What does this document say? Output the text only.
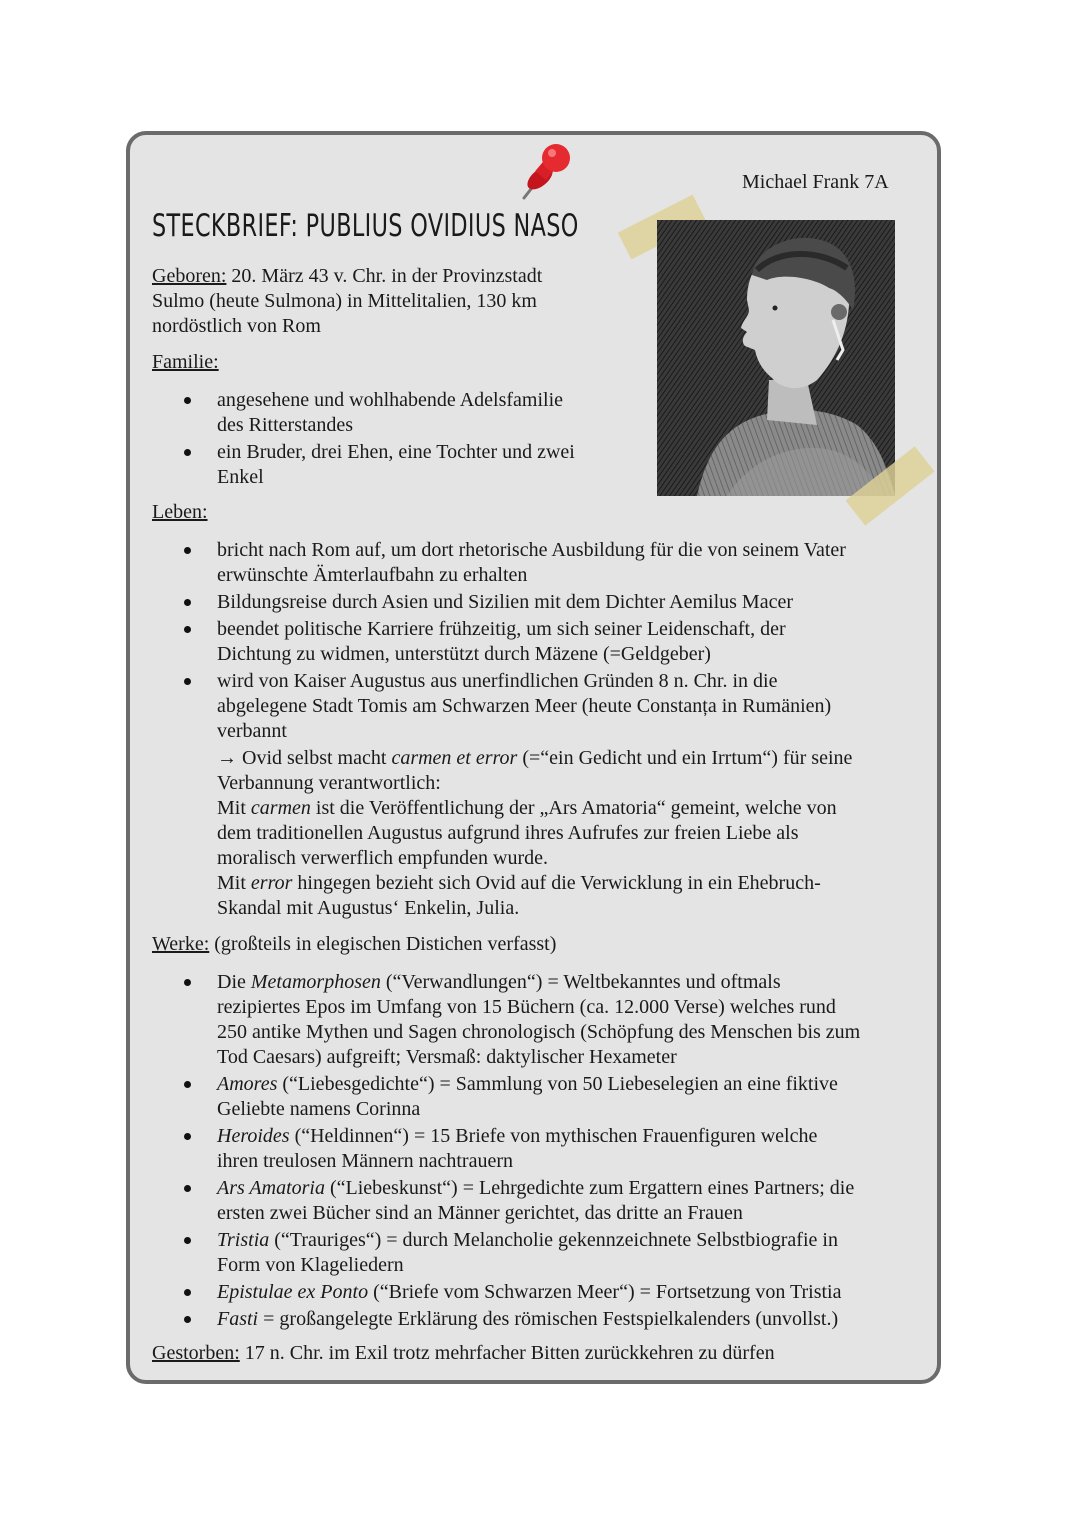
Michael Frank 7A
STECKBRIEF: PUBLIUS OVIDIUS NASO
Geboren: 20. März 43 v. Chr. in der Provinzstadt
Sulmo (heute Sulmona) in Mittelitalien, 130 km
nordöstlich von Rom
Familie:
angesehene und wohlhabende Adelsfamilie
des Ritterstandes
ein Bruder, drei Ehen, eine Tochter und zwei
Enkel
Leben:
bricht nach Rom auf, um dort rhetorische Ausbildung für die von seinem Vater
erwünschte Ämterlaufbahn zu erhalten
Bildungsreise durch Asien und Sizilien mit dem Dichter Aemilus Macer
beendet politische Karriere frühzeitig, um sich seiner Leidenschaft, der
Dichtung zu widmen, unterstützt durch Mäzene (=Geldgeber)
wird von Kaiser Augustus aus unerfindlichen Gründen 8 n. Chr. in die
abgelegene Stadt Tomis am Schwarzen Meer (heute Constanța in Rumänien)
verbannt
→ Ovid selbst macht carmen et error (=“ein Gedicht und ein Irrtum“) für seine
Verbannung verantwortlich:
Mit carmen ist die Veröffentlichung der „Ars Amatoria“ gemeint, welche von
dem traditionellen Augustus aufgrund ihres Aufrufes zur freien Liebe als
moralisch verwerflich empfunden wurde.
Mit error hingegen bezieht sich Ovid auf die Verwicklung in ein Ehebruch-
Skandal mit Augustus‘ Enkelin, Julia.
Werke: (großteils in elegischen Distichen verfasst)
Die Metamorphosen (“Verwandlungen“) = Weltbekanntes und oftmals
rezipiertes Epos im Umfang von 15 Büchern (ca. 12.000 Verse) welches rund
250 antike Mythen und Sagen chronologisch (Schöpfung des Menschen bis zum
Tod Caesars) aufgreift; Versmaß: daktylischer Hexameter
Amores (“Liebesgedichte“) = Sammlung von 50 Liebeselegien an eine fiktive
Geliebte namens Corinna
Heroides (“Heldinnen“) = 15 Briefe von mythischen Frauenfiguren welche
ihren treulosen Männern nachtrauern
Ars Amatoria (“Liebeskunst“) = Lehrgedichte zum Ergattern eines Partners; die
ersten zwei Bücher sind an Männer gerichtet, das dritte an Frauen
Tristia (“Trauriges“) = durch Melancholie gekennzeichnete Selbstbiografie in
Form von Klageliedern
Epistulae ex Ponto (“Briefe vom Schwarzen Meer“) = Fortsetzung von Tristia
Fasti = großangelegte Erklärung des römischen Festspielkalenders (unvollst.)
Gestorben: 17 n. Chr. im Exil trotz mehrfacher Bitten zurückkehren zu dürfen
